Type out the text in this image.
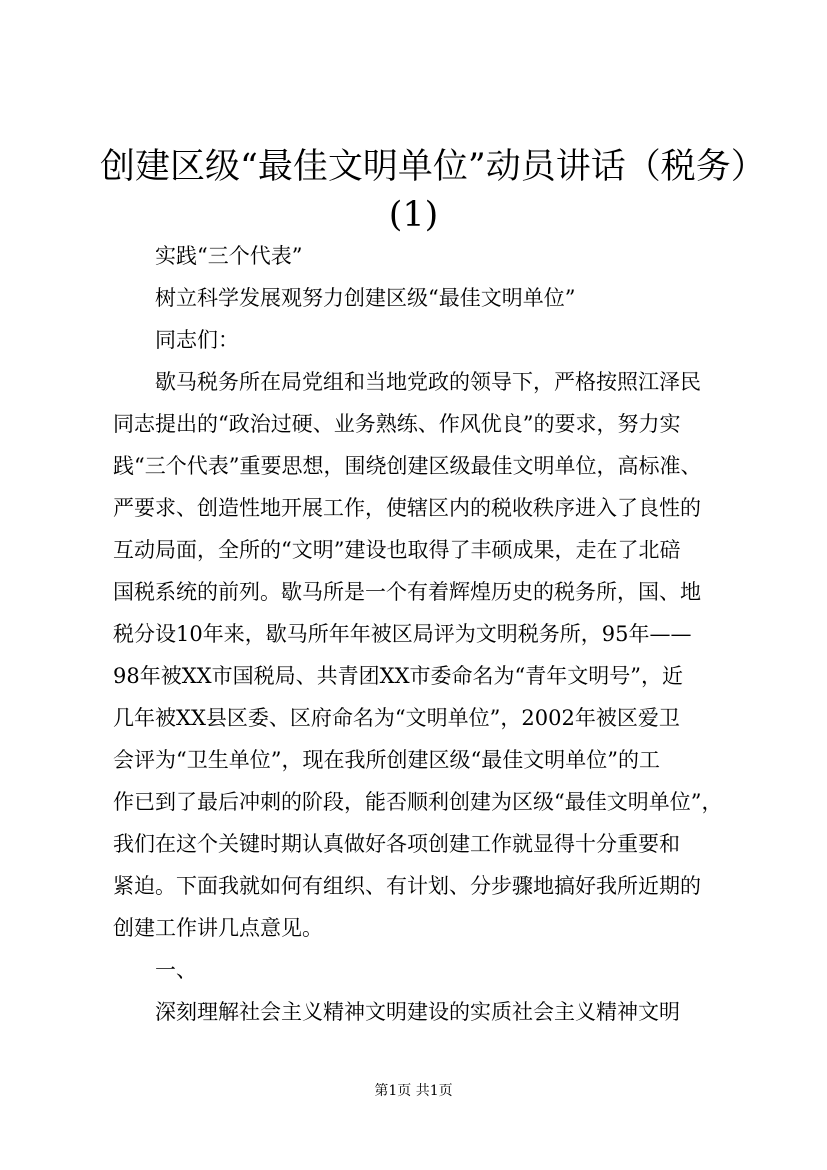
创建区级“最佳文明单位”动员讲话（税务）
(1)
实践“三个代表”
树立科学发展观努力创建区级“最佳文明单位”
同志们：
歇马税务所在局党组和当地党政的领导下，严格按照江泽民
同志提出的“政治过硬、业务熟练、作风优良”的要求，努力实
践“三个代表”重要思想，围绕创建区级最佳文明单位，高标准、
严要求、创造性地开展工作，使辖区内的税收秩序进入了良性的
互动局面，全所的“文明”建设也取得了丰硕成果，走在了北碚
国税系统的前列。歇马所是一个有着辉煌历史的税务所，国、地
税分设10年来，歇马所年年被区局评为文明税务所，95年——
98年被XX市国税局、共青团XX市委命名为“青年文明号”，近
几年被XX县区委、区府命名为“文明单位”，2002年被区爱卫
会评为“卫生单位”，现在我所创建区级“最佳文明单位”的工
作已到了最后冲刺的阶段，能否顺利创建为区级“最佳文明单位”，
我们在这个关键时期认真做好各项创建工作就显得十分重要和
紧迫。下面我就如何有组织、有计划、分步骤地搞好我所近期的
创建工作讲几点意见。
一、
深刻理解社会主义精神文明建设的实质社会主义精神文明
第1页 共1页
